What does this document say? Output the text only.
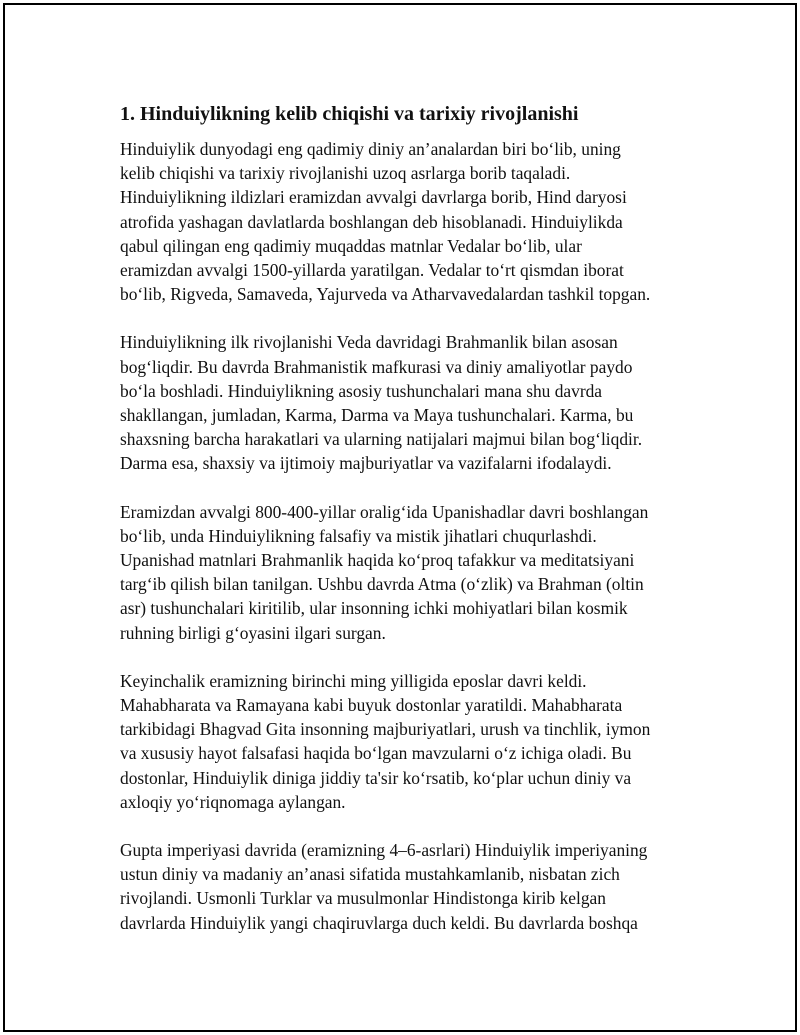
1. Hinduiylikning kelib chiqishi va tarixiy rivojlanishi

Hinduiylik dunyodagi eng qadimiy diniy an’analardan biri bo‘lib, uning
kelib chiqishi va tarixiy rivojlanishi uzoq asrlarga borib taqaladi.
Hinduiylikning ildizlari eramizdan avvalgi davrlarga borib, Hind daryosi
atrofida yashagan davlatlarda boshlangan deb hisoblanadi. Hinduiylikda
qabul qilingan eng qadimiy muqaddas matnlar Vedalar bo‘lib, ular
eramizdan avvalgi 1500-yillarda yaratilgan. Vedalar to‘rt qismdan iborat
bo‘lib, Rigveda, Samaveda, Yajurveda va Atharvavedalardan tashkil topgan.

Hinduiylikning ilk rivojlanishi Veda davridagi Brahmanlik bilan asosan
bog‘liqdir. Bu davrda Brahmanistik mafkurasi va diniy amaliyotlar paydo
bo‘la boshladi. Hinduiylikning asosiy tushunchalari mana shu davrda
shakllangan, jumladan, Karma, Darma va Maya tushunchalari. Karma, bu
shaxsning barcha harakatlari va ularning natijalari majmui bilan bog‘liqdir.
Darma esa, shaxsiy va ijtimoiy majburiyatlar va vazifalarni ifodalaydi.

Eramizdan avvalgi 800-400-yillar oralig‘ida Upanishadlar davri boshlangan
bo‘lib, unda Hinduiylikning falsafiy va mistik jihatlari chuqurlashdi.
Upanishad matnlari Brahmanlik haqida ko‘proq tafakkur va meditatsiyani
targ‘ib qilish bilan tanilgan. Ushbu davrda Atma (o‘zlik) va Brahman (oltin
asr) tushunchalari kiritilib, ular insonning ichki mohiyatlari bilan kosmik
ruhning birligi g‘oyasini ilgari surgan.

Keyinchalik eramizning birinchi ming yilligida eposlar davri keldi.
Mahabharata va Ramayana kabi buyuk dostonlar yaratildi. Mahabharata
tarkibidagi Bhagvad Gita insonning majburiyatlari, urush va tinchlik, iymon
va xususiy hayot falsafasi haqida bo‘lgan mavzularni o‘z ichiga oladi. Bu
dostonlar, Hinduiylik diniga jiddiy ta'sir ko‘rsatib, ko‘plar uchun diniy va
axloqiy yo‘riqnomaga aylangan.

Gupta imperiyasi davrida (eramizning 4–6-asrlari) Hinduiylik imperiyaning
ustun diniy va madaniy an’anasi sifatida mustahkamlanib, nisbatan zich
rivojlandi. Usmonli Turklar va musulmonlar Hindistonga kirib kelgan
davrlarda Hinduiylik yangi chaqiruvlarga duch keldi. Bu davrlarda boshqa
